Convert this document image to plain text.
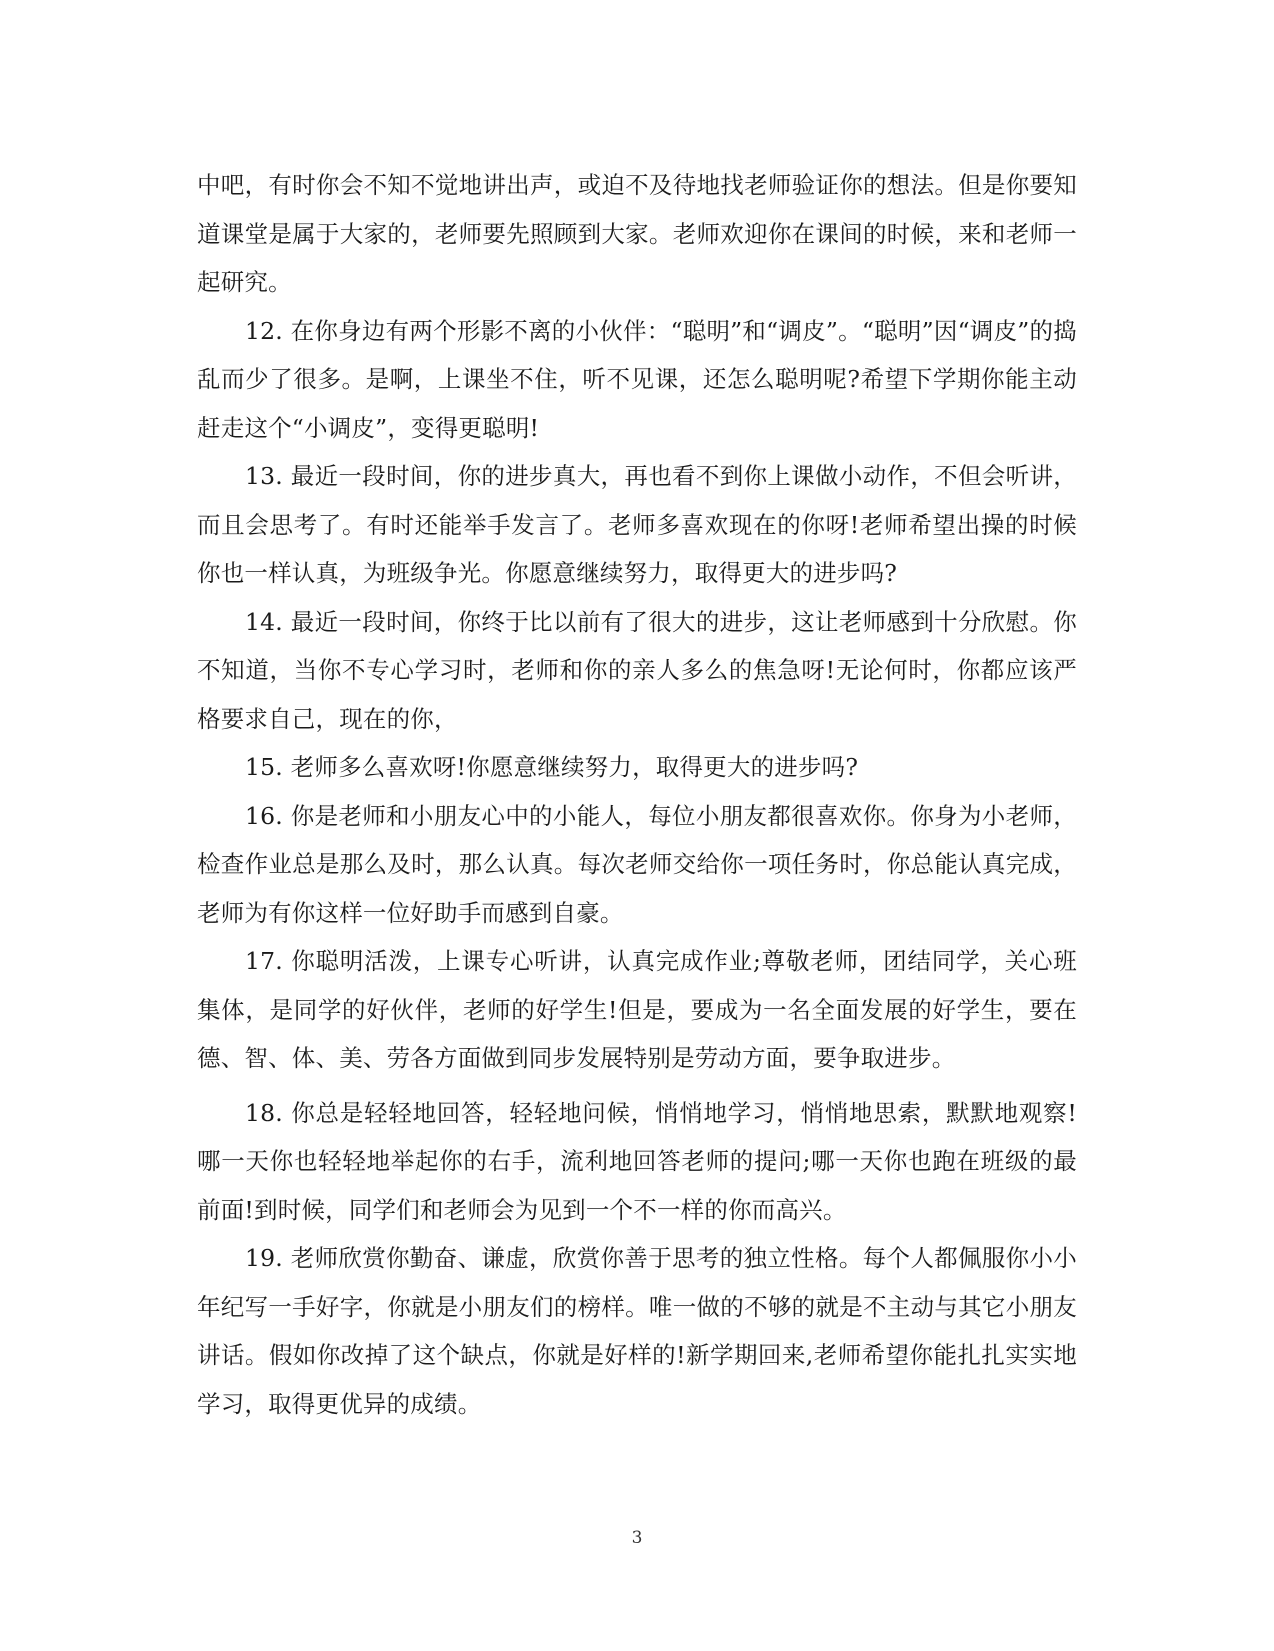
中吧，有时你会不知不觉地讲出声，或迫不及待地找老师验证你的想法。但是你要知道课堂是属于大家的，老师要先照顾到大家。老师欢迎你在课间的时候，来和老师一起研究。

12. 在你身边有两个形影不离的小伙伴：“聪明”和“调皮”。“聪明”因“调皮”的捣乱而少了很多。是啊，上课坐不住，听不见课，还怎么聪明呢?希望下学期你能主动赶走这个“小调皮”，变得更聪明!

13. 最近一段时间，你的进步真大，再也看不到你上课做小动作，不但会听讲，而且会思考了。有时还能举手发言了。老师多喜欢现在的你呀!老师希望出操的时候你也一样认真，为班级争光。你愿意继续努力，取得更大的进步吗?

14. 最近一段时间，你终于比以前有了很大的进步，这让老师感到十分欣慰。你不知道，当你不专心学习时，老师和你的亲人多么的焦急呀!无论何时，你都应该严格要求自己，现在的你，

15. 老师多么喜欢呀!你愿意继续努力，取得更大的进步吗?

16. 你是老师和小朋友心中的小能人，每位小朋友都很喜欢你。你身为小老师，检查作业总是那么及时，那么认真。每次老师交给你一项任务时，你总能认真完成，老师为有你这样一位好助手而感到自豪。

17. 你聪明活泼，上课专心听讲，认真完成作业;尊敬老师，团结同学，关心班集体，是同学的好伙伴，老师的好学生!但是，要成为一名全面发展的好学生，要在德、智、体、美、劳各方面做到同步发展特别是劳动方面，要争取进步。

18. 你总是轻轻地回答，轻轻地问候，悄悄地学习，悄悄地思索，默默地观察!哪一天你也轻轻地举起你的右手，流利地回答老师的提问;哪一天你也跑在班级的最前面!到时候，同学们和老师会为见到一个不一样的你而高兴。

19. 老师欣赏你勤奋、谦虚，欣赏你善于思考的独立性格。每个人都佩服你小小年纪写一手好字，你就是小朋友们的榜样。唯一做的不够的就是不主动与其它小朋友讲话。假如你改掉了这个缺点，你就是好样的!新学期回来,老师希望你能扎扎实实地学习，取得更优异的成绩。

3
